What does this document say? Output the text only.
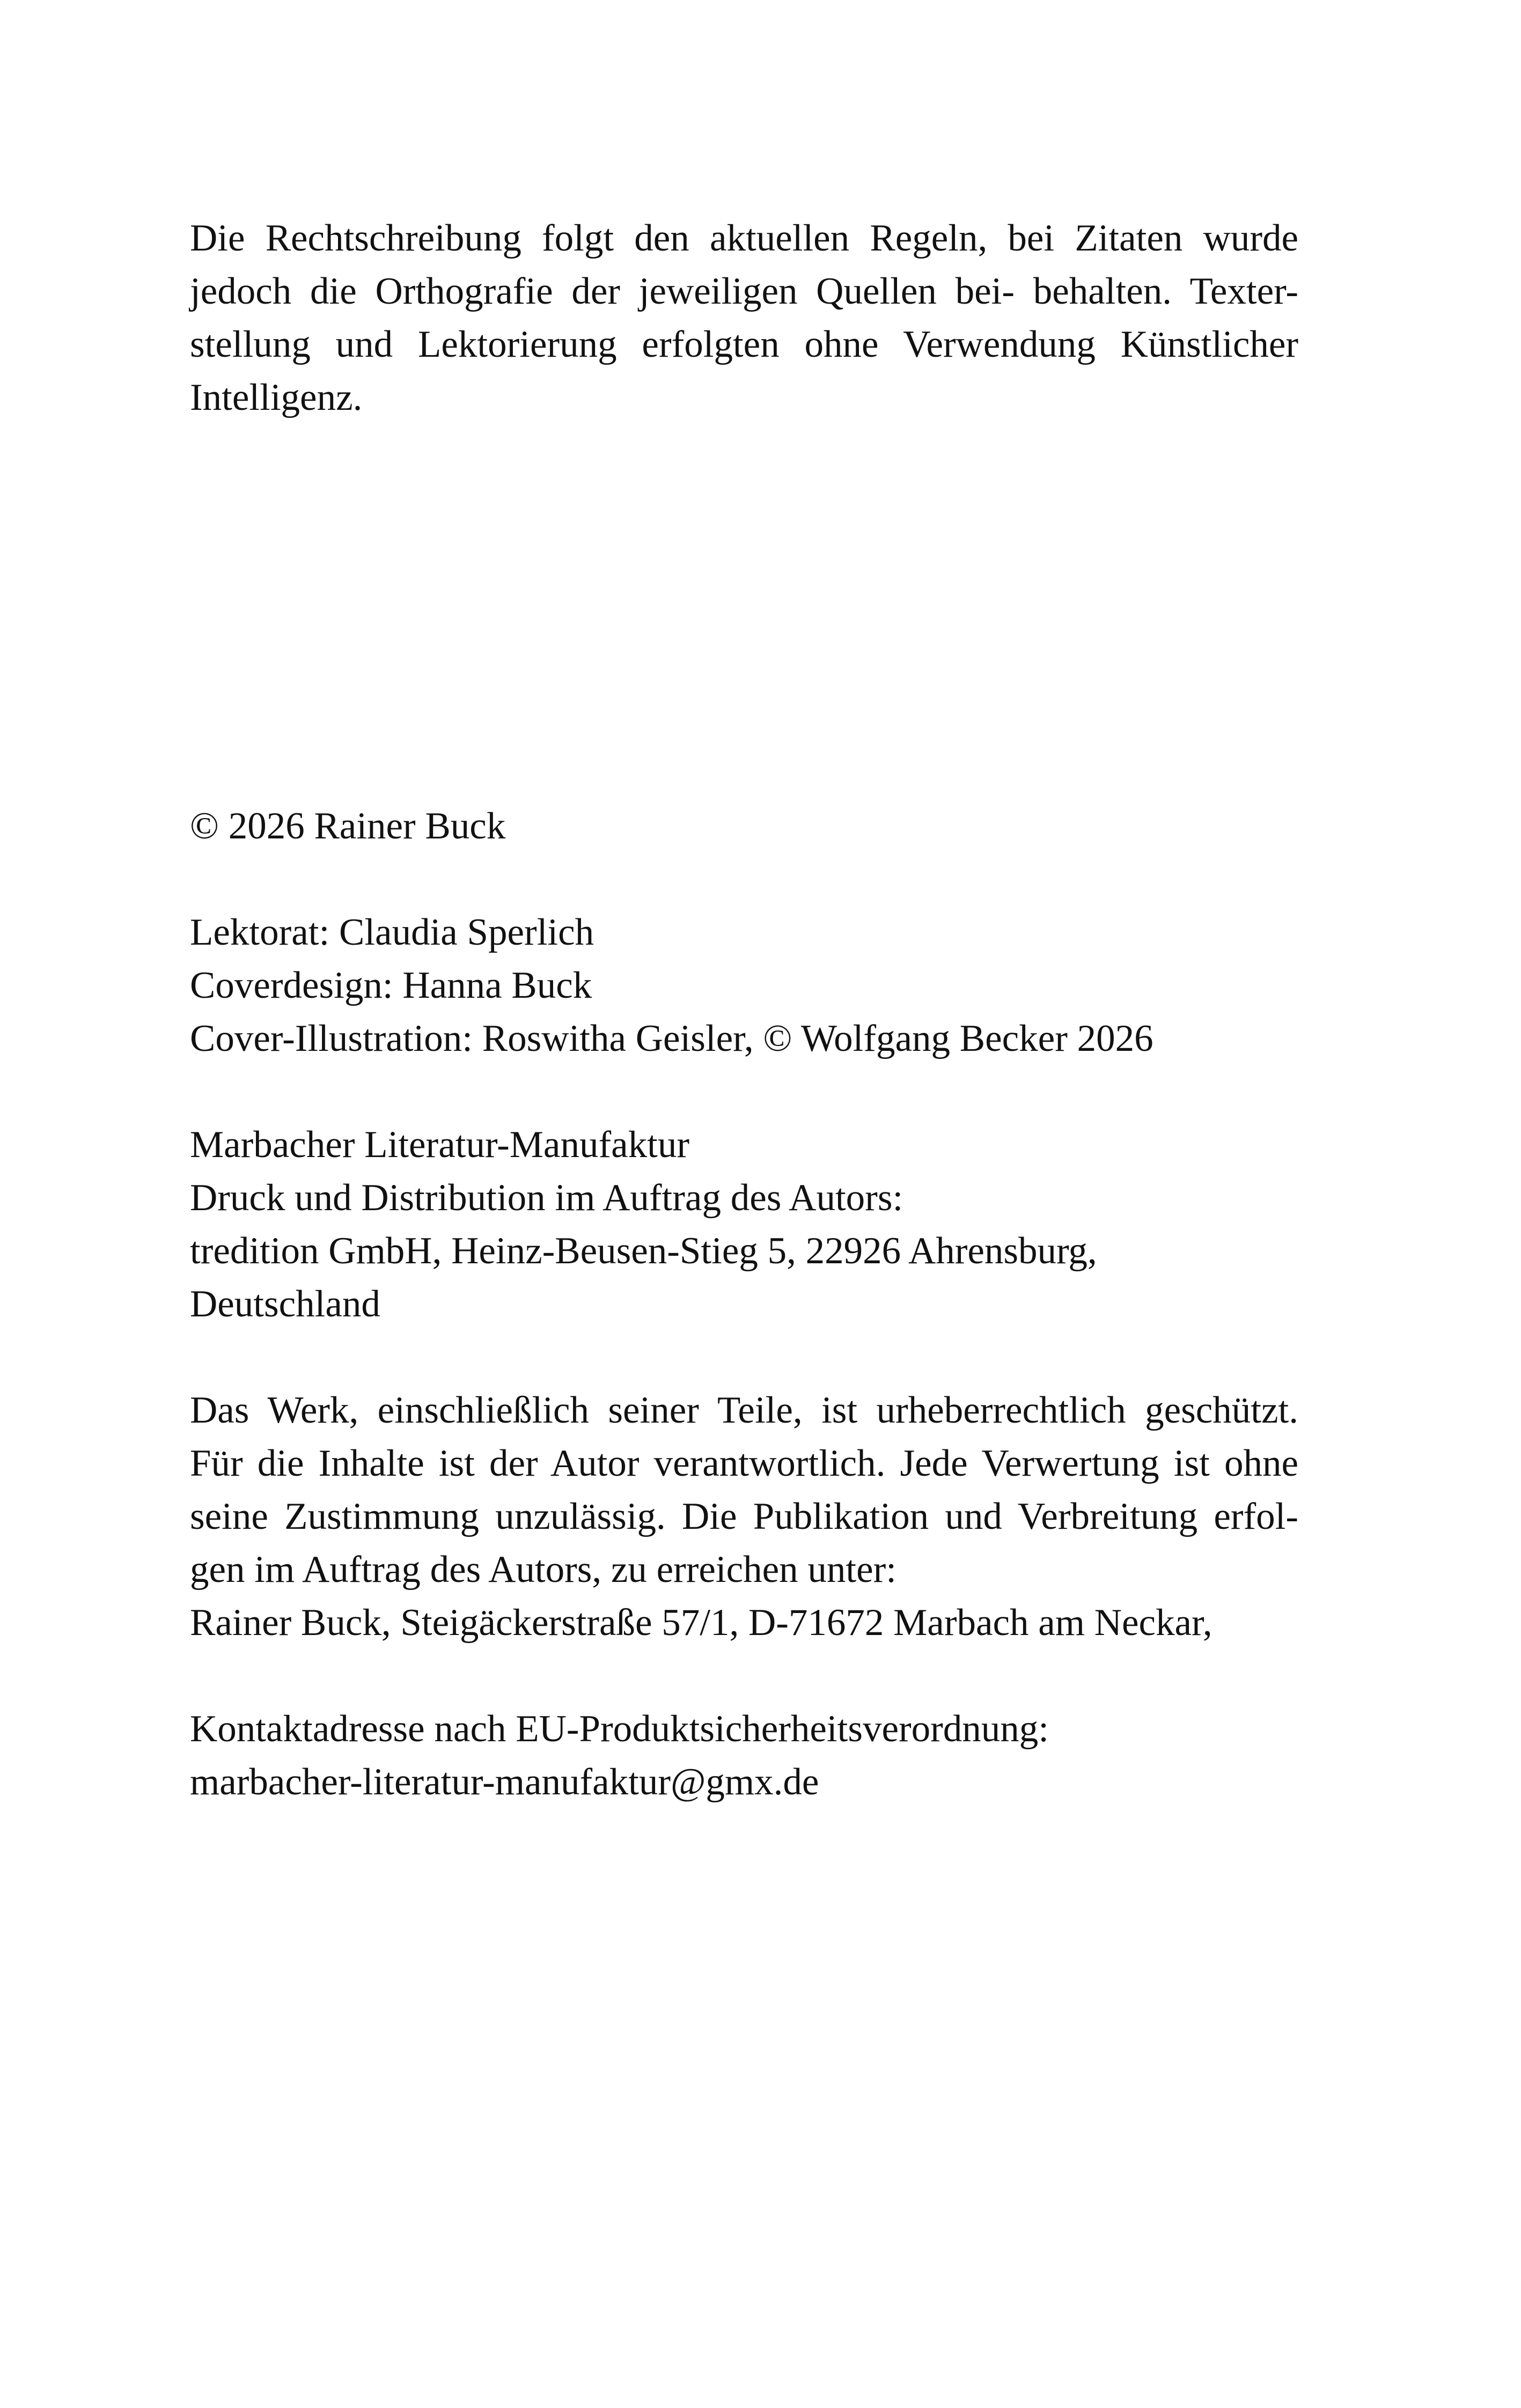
Die Rechtschreibung folgt den aktuellen Regeln, bei Zitaten wurde
jedoch die Orthografie der jeweiligen Quellen bei- behalten. Texter-
stellung und Lektorierung erfolgten ohne Verwendung Künstlicher
Intelligenz.

© 2026 Rainer Buck

Lektorat: Claudia Sperlich
Coverdesign: Hanna Buck
Cover-Illustration: Roswitha Geisler, © Wolfgang Becker 2026

Marbacher Literatur-Manufaktur
Druck und Distribution im Auftrag des Autors:
tredition GmbH, Heinz-Beusen-Stieg 5, 22926 Ahrensburg,
Deutschland

Das Werk, einschließlich seiner Teile, ist urheberrechtlich geschützt.
Für die Inhalte ist der Autor verantwortlich. Jede Verwertung ist ohne
seine Zustimmung unzulässig. Die Publikation und Verbreitung erfol-
gen im Auftrag des Autors, zu erreichen unter:
Rainer Buck, Steigäckerstraße 57/1, D-71672 Marbach am Neckar,

Kontaktadresse nach EU-Produktsicherheitsverordnung:
marbacher-literatur-manufaktur@gmx.de
